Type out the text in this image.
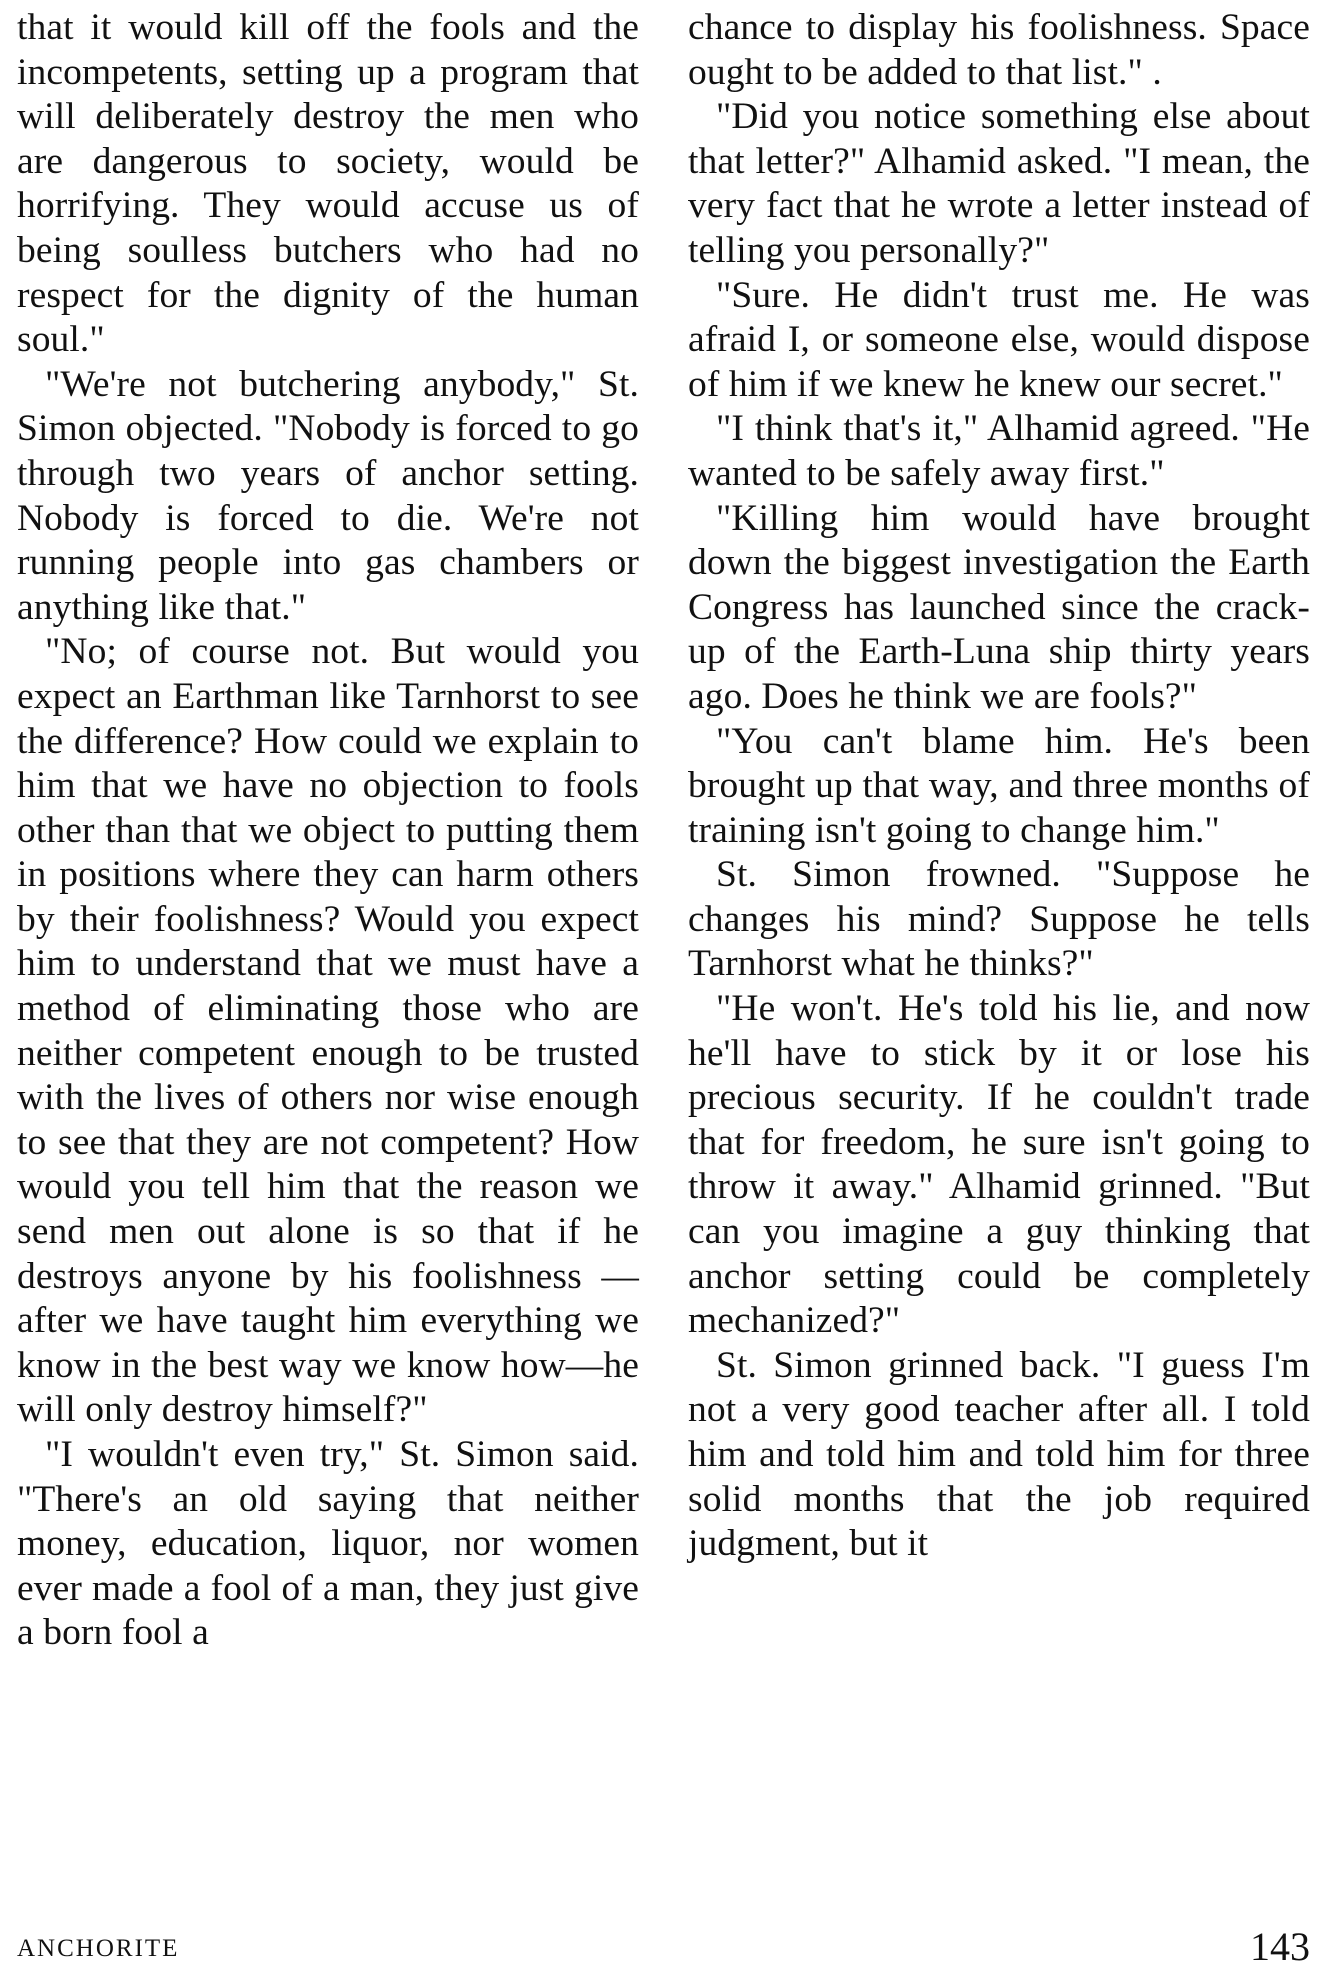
that it would kill off the fools and the incompetents, setting up a program that will deliberately destroy the men who are dangerous to society, would be horrifying. They would accuse us of being soulless butchers who had no respect for the dignity of the human soul."

"We're not butchering anybody," St. Simon objected. "Nobody is forced to go through two years of anchor setting. Nobody is forced to die. We're not running people into gas chambers or anything like that."

"No; of course not. But would you expect an Earthman like Tarnhorst to see the difference? How could we explain to him that we have no objection to fools other than that we object to putting them in positions where they can harm others by their foolishness? Would you expect him to understand that we must have a method of eliminating those who are neither competent enough to be trusted with the lives of others nor wise enough to see that they are not competent? How would you tell him that the reason we send men out alone is so that if he destroys anyone by his foolishness —after we have taught him everything we know in the best way we know how—he will only destroy himself?"

"I wouldn't even try," St. Simon said. "There's an old saying that neither money, education, liquor, nor women ever made a fool of a man, they just give a born fool a

chance to display his foolishness. Space ought to be added to that list." .

"Did you notice something else about that letter?" Alhamid asked. "I mean, the very fact that he wrote a letter instead of telling you personally?"

"Sure. He didn't trust me. He was afraid I, or someone else, would dispose of him if we knew he knew our secret."

"I think that's it," Alhamid agreed. "He wanted to be safely away first."

"Killing him would have brought down the biggest investigation the Earth Congress has launched since the crack-up of the Earth-Luna ship thirty years ago. Does he think we are fools?"

"You can't blame him. He's been brought up that way, and three months of training isn't going to change him."

St. Simon frowned. "Suppose he changes his mind? Suppose he tells Tarnhorst what he thinks?"

"He won't. He's told his lie, and now he'll have to stick by it or lose his precious security. If he couldn't trade that for freedom, he sure isn't going to throw it away." Alhamid grinned. "But can you imagine a guy thinking that anchor setting could be completely mechanized?"

St. Simon grinned back. "I guess I'm not a very good teacher after all. I told him and told him and told him for three solid months that the job required judgment, but it

ANCHORITE	143
